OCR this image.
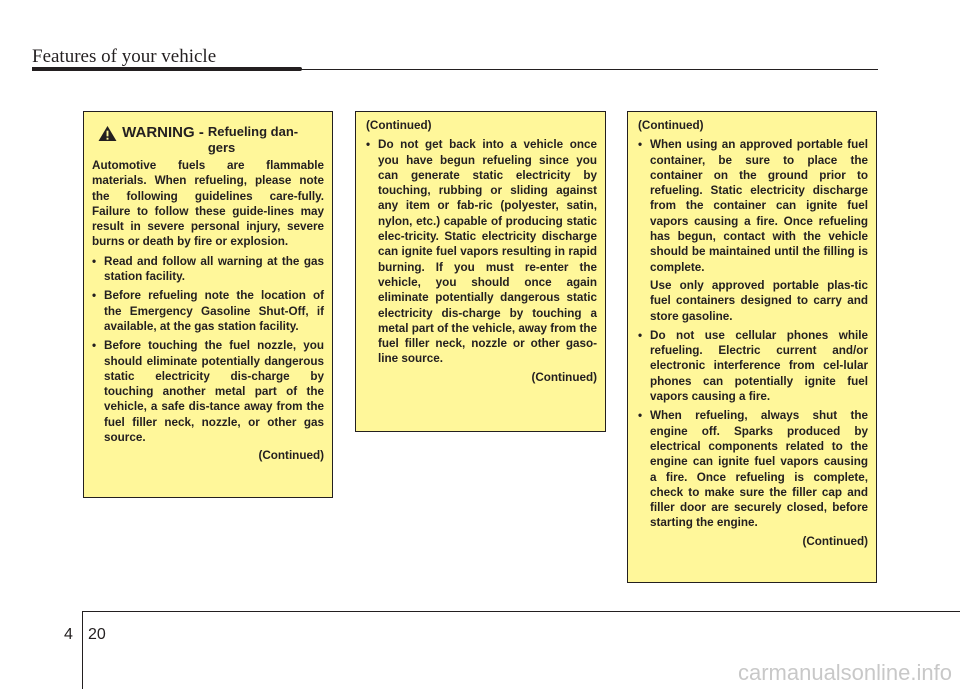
Features of your vehicle
WARNING - Refueling dan-gers
Automotive fuels are flammable materials. When refueling, please note the following guidelines care-fully. Failure to follow these guide-lines may result in severe personal injury, severe burns or death by fire or explosion.
• Read and follow all warning at the gas station facility.
• Before refueling note the location of the Emergency Gasoline Shut-Off, if available, at the gas station facility.
• Before touching the fuel nozzle, you should eliminate potentially dangerous static electricity dis-charge by touching another metal part of the vehicle, a safe dis-tance away from the fuel filler neck, nozzle, or other gas source.
(Continued)
(Continued)
• Do not get back into a vehicle once you have begun refueling since you can generate static electricity by touching, rubbing or sliding against any item or fab-ric (polyester, satin, nylon, etc.) capable of producing static elec-tricity. Static electricity discharge can ignite fuel vapors resulting in rapid burning. If you must re-enter the vehicle, you should once again eliminate potentially dangerous static electricity dis-charge by touching a metal part of the vehicle, away from the fuel filler neck, nozzle or other gaso-line source.
(Continued)
(Continued)
• When using an approved portable fuel container, be sure to place the container on the ground prior to refueling. Static electricity discharge from the container can ignite fuel vapors causing a fire. Once refueling has begun, contact with the vehicle should be maintained until the filling is complete.
Use only approved portable plas-tic fuel containers designed to carry and store gasoline.
• Do not use cellular phones while refueling. Electric current and/or electronic interference from cel-lular phones can potentially ignite fuel vapors causing a fire.
• When refueling, always shut the engine off. Sparks produced by electrical components related to the engine can ignite fuel vapors causing a fire. Once refueling is complete, check to make sure the filler cap and filler door are securely closed, before starting the engine.
(Continued)
4 20
carmanualsonline.info
